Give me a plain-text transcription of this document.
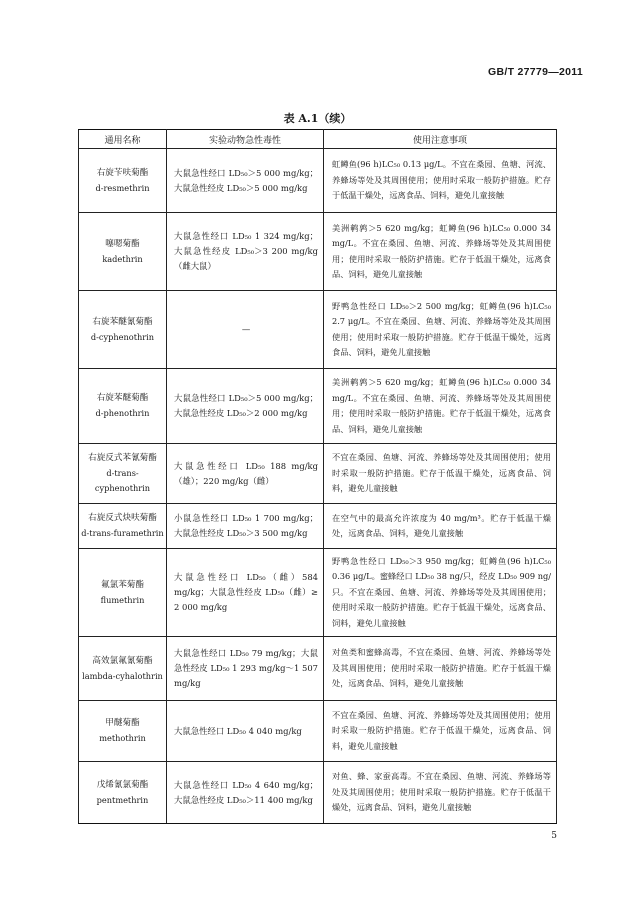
GB/T 27779—2011
表 A.1（续）
通用名称	实验动物急性毒性	使用注意事项

右旋苄呋菊酯
d-resmethrin	大鼠急性经口 LD₅₀＞5 000 mg/kg；大鼠急性经皮 LD₅₀＞5 000 mg/kg	虹鳟鱼(96 h)LC₅₀ 0.13 μg/L。不宜在桑园、鱼塘、河流、养蜂场等处及其周围使用；使用时采取一般防护措施。贮存于低温干燥处，远离食品、饲料，避免儿童接触

噻嗯菊酯
kadethrin	大鼠急性经口 LD₅₀ 1 324 mg/kg；大鼠急性经皮 LD₅₀＞3 200 mg/kg（雌大鼠）	美洲鹌鹑＞5 620 mg/kg；虹鳟鱼(96 h)LC₅₀ 0.000 34 mg/L。不宜在桑园、鱼塘、河流、养蜂场等处及其周围使用；使用时采取一般防护措施。贮存于低温干燥处，远离食品、饲料，避免儿童接触

右旋苯醚氰菊酯
d-cyphenothrin	—	野鸭急性经口 LD₅₀＞2 500 mg/kg；虹鳟鱼(96 h)LC₅₀ 2.7 μg/L。不宜在桑园、鱼塘、河流、养蜂场等处及其周围使用；使用时采取一般防护措施。贮存于低温干燥处，远离食品、饲料，避免儿童接触

右旋苯醚菊酯
d-phenothrin	大鼠急性经口 LD₅₀＞5 000 mg/kg；大鼠急性经皮 LD₅₀＞2 000 mg/kg	美洲鹌鹑＞5 620 mg/kg；虹鳟鱼(96 h)LC₅₀ 0.000 34 mg/L。不宜在桑园、鱼塘、河流、养蜂场等处及其周围使用；使用时采取一般防护措施。贮存于低温干燥处，远离食品、饲料，避免儿童接触

右旋反式苯氰菊酯
d-trans-cyphenothrin	大鼠急性经口 LD₅₀ 188 mg/kg（雄）；220 mg/kg（雌）	不宜在桑园、鱼塘、河流、养蜂场等处及其周围使用；使用时采取一般防护措施。贮存于低温干燥处，远离食品、饲料，避免儿童接触

右旋反式炔呋菊酯
d-trans-furamethrin	小鼠急性经口 LD₅₀ 1 700 mg/kg；大鼠急性经皮 LD₅₀＞3 500 mg/kg	在空气中的最高允许浓度为 40 mg/m³。贮存于低温干燥处，远离食品、饲料，避免儿童接触

氟氯苯菊酯
flumethrin	大鼠急性经口 LD₅₀（雌）584 mg/kg；大鼠急性经皮 LD₅₀（雌）≥ 2 000 mg/kg	野鸭急性经口 LD₅₀＞3 950 mg/kg；虹鳟鱼(96 h)LC₅₀ 0.36 μg/L。蜜蜂经口 LD₅₀ 38 ng/只，经皮 LD₅₀ 909 ng/只。不宜在桑园、鱼塘、河流、养蜂场等处及其周围使用；使用时采取一般防护措施。贮存于低温干燥处，远离食品、饲料，避免儿童接触

高效氯氟氰菊酯
lambda-cyhalothrin	大鼠急性经口 LD₅₀ 79 mg/kg；大鼠急性经皮 LD₅₀ 1 293 mg/kg～1 507 mg/kg	对鱼类和蜜蜂高毒，不宜在桑园、鱼塘、河流、养蜂场等处及其周围使用；使用时采取一般防护措施。贮存于低温干燥处，远离食品、饲料，避免儿童接触

甲醚菊酯
methothrin	大鼠急性经口 LD₅₀ 4 040 mg/kg	不宜在桑园、鱼塘、河流、养蜂场等处及其周围使用；使用时采取一般防护措施。贮存于低温干燥处，远离食品、饲料，避免儿童接触

戊烯氰氯菊酯
pentmethrin	大鼠急性经口 LD₅₀ 4 640 mg/kg；大鼠急性经皮 LD₅₀＞11 400 mg/kg	对鱼、蜂、家蚕高毒。不宜在桑园、鱼塘、河流、养蜂场等处及其周围使用；使用时采取一般防护措施。贮存于低温干燥处，远离食品、饲料，避免儿童接触
5
